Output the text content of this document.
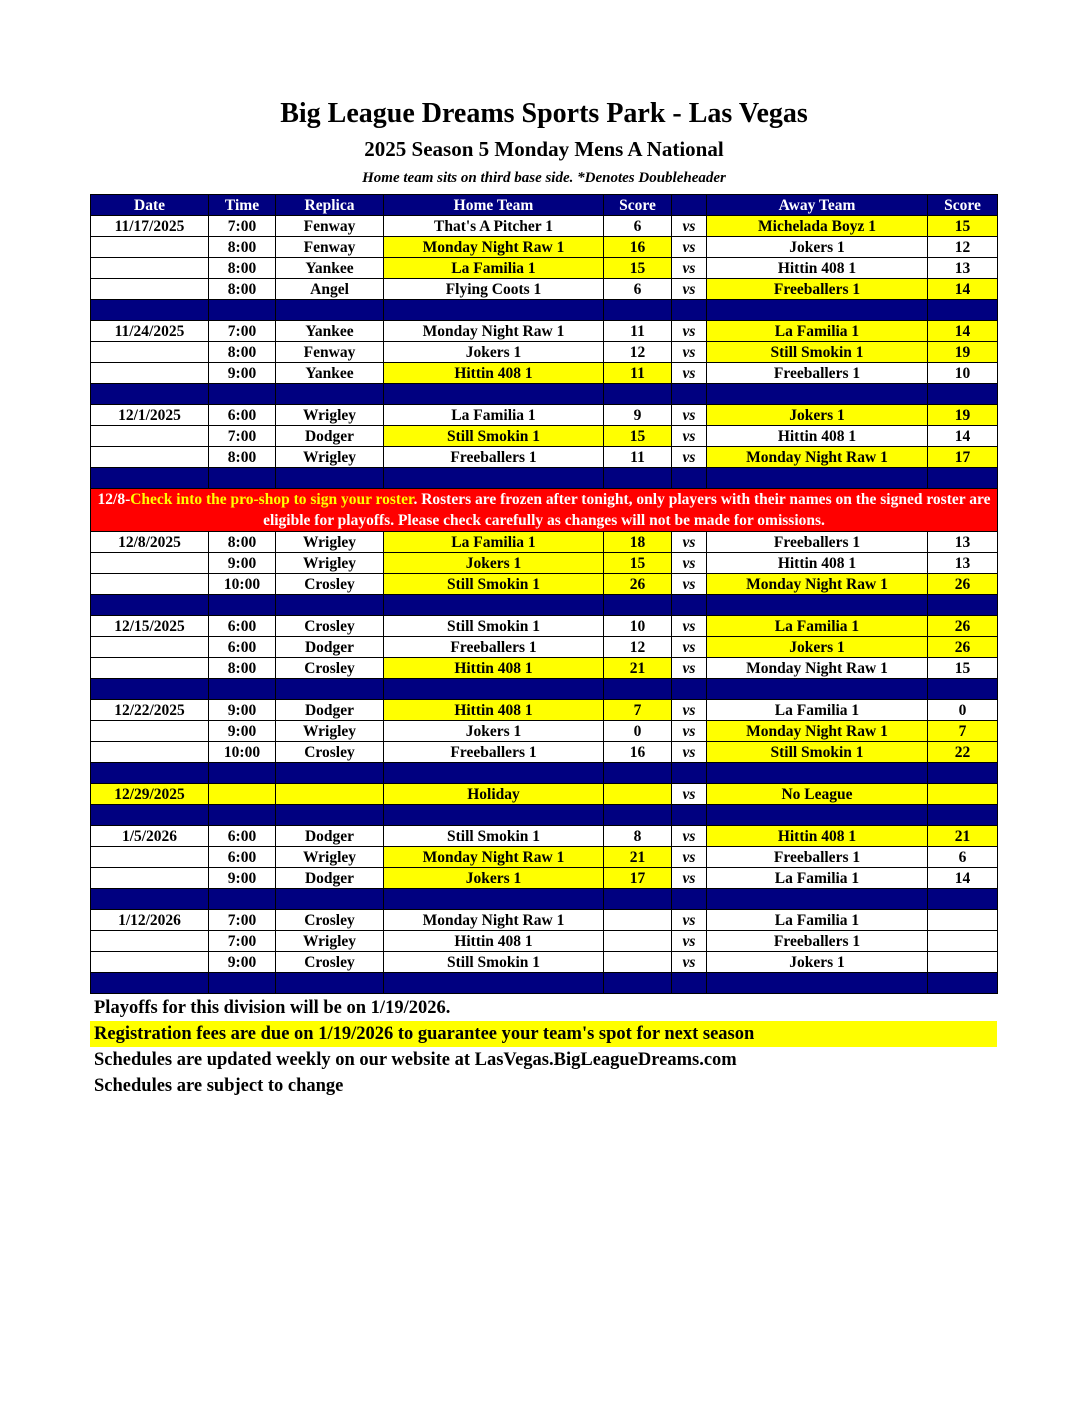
Big League Dreams Sports Park - Las Vegas
2025 Season 5 Monday Mens A National
Home team sits on third base side. *Denotes Doubleheader
Date	Time	Replica	Home Team	Score		Away Team	Score
11/17/2025	7:00	Fenway	That's A Pitcher 1	6	vs	Michelada Boyz 1	15
	8:00	Fenway	Monday Night Raw 1	16	vs	Jokers 1	12
	8:00	Yankee	La Familia 1	15	vs	Hittin 408 1	13
	8:00	Angel	Flying Coots 1	6	vs	Freeballers 1	14

11/24/2025	7:00	Yankee	Monday Night Raw 1	11	vs	La Familia 1	14
	8:00	Fenway	Jokers 1	12	vs	Still Smokin 1	19
	9:00	Yankee	Hittin 408 1	11	vs	Freeballers 1	10

12/1/2025	6:00	Wrigley	La Familia 1	9	vs	Jokers 1	19
	7:00	Dodger	Still Smokin 1	15	vs	Hittin 408 1	14
	8:00	Wrigley	Freeballers 1	11	vs	Monday Night Raw 1	17

12/8-Check into the pro-shop to sign your roster. Rosters are frozen after tonight, only players with their names on the signed roster are eligible for playoffs. Please check carefully as changes will not be made for omissions.							
12/8/2025	8:00	Wrigley	La Familia 1	18	vs	Freeballers 1	13
	9:00	Wrigley	Jokers 1	15	vs	Hittin 408 1	13
	10:00	Crosley	Still Smokin 1	26	vs	Monday Night Raw 1	26

12/15/2025	6:00	Crosley	Still Smokin 1	10	vs	La Familia 1	26
	6:00	Dodger	Freeballers 1	12	vs	Jokers 1	26
	8:00	Crosley	Hittin 408 1	21	vs	Monday Night Raw 1	15

12/22/2025	9:00	Dodger	Hittin 408 1	7	vs	La Familia 1	0
	9:00	Wrigley	Jokers 1	0	vs	Monday Night Raw 1	7
	10:00	Crosley	Freeballers 1	16	vs	Still Smokin 1	22

12/29/2025			Holiday		vs	No League	

1/5/2026	6:00	Dodger	Still Smokin 1	8	vs	Hittin 408 1	21
	6:00	Wrigley	Monday Night Raw 1	21	vs	Freeballers 1	6
	9:00	Dodger	Jokers 1	17	vs	La Familia 1	14

1/12/2026	7:00	Crosley	Monday Night Raw 1		vs	La Familia 1	
	7:00	Wrigley	Hittin 408 1		vs	Freeballers 1	
	9:00	Crosley	Still Smokin 1		vs	Jokers 1	

Playoffs for this division will be on 1/19/2026.
Registration fees are due on 1/19/2026 to guarantee your team's spot for next season
Schedules are updated weekly on our website at LasVegas.BigLeagueDreams.com
Schedules are subject to change
